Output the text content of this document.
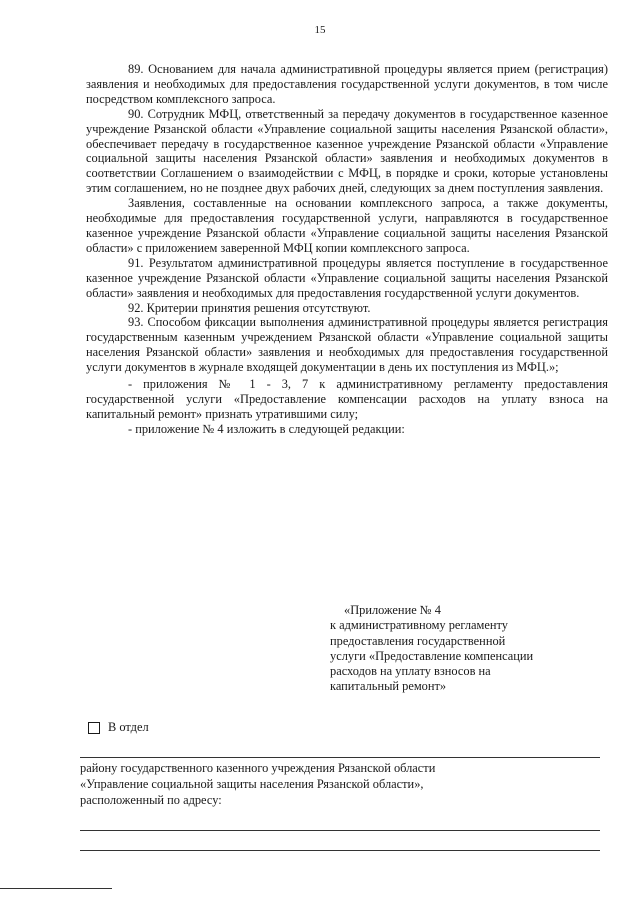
15

89. Основанием для начала административной процедуры является прием (регистрация) заявления и необходимых для предоставления государственной услуги документов, в том числе посредством комплексного запроса.

90. Сотрудник МФЦ, ответственный за передачу документов в государственное казенное учреждение Рязанской области «Управление социальной защиты населения Рязанской области», обеспечивает передачу в государственное казенное учреждение Рязанской области «Управление социальной защиты населения Рязанской области» заявления и необходимых документов в соответствии Соглашением о взаимодействии с МФЦ, в порядке и сроки, которые установлены этим соглашением, но не позднее двух рабочих дней, следующих за днем поступления заявления.

Заявления, составленные на основании комплексного запроса, а также документы, необходимые для предоставления государственной услуги, направляются в государственное казенное учреждение Рязанской области «Управление социальной защиты населения Рязанской области» с приложением заверенной МФЦ копии комплексного запроса.

91. Результатом административной процедуры является поступление в государственное казенное учреждение Рязанской области «Управление социальной защиты населения Рязанской области» заявления и необходимых для предоставления государственной услуги документов.

92. Критерии принятия решения отсутствуют.

93. Способом фиксации выполнения административной процедуры является регистрация государственным казенным учреждением Рязанской области «Управление социальной защиты населения Рязанской области» заявления и необходимых для предоставления государственной услуги документов в журнале входящей документации в день их поступления из МФЦ.»;

- приложения № 1 - 3, 7 к административному регламенту предоставления государственной услуги «Предоставление компенсации расходов на уплату взноса на капитальный ремонт» признать утратившими силу;

- приложение № 4 изложить в следующей редакции:

«Приложение № 4
к административному регламенту
предоставления государственной
услуги «Предоставление компенсации
расходов на уплату взносов на
капитальный ремонт»
В отдел
району государственного казенного учреждения Рязанской области
«Управление социальной защиты населения Рязанской области»,
расположенный по адресу:
